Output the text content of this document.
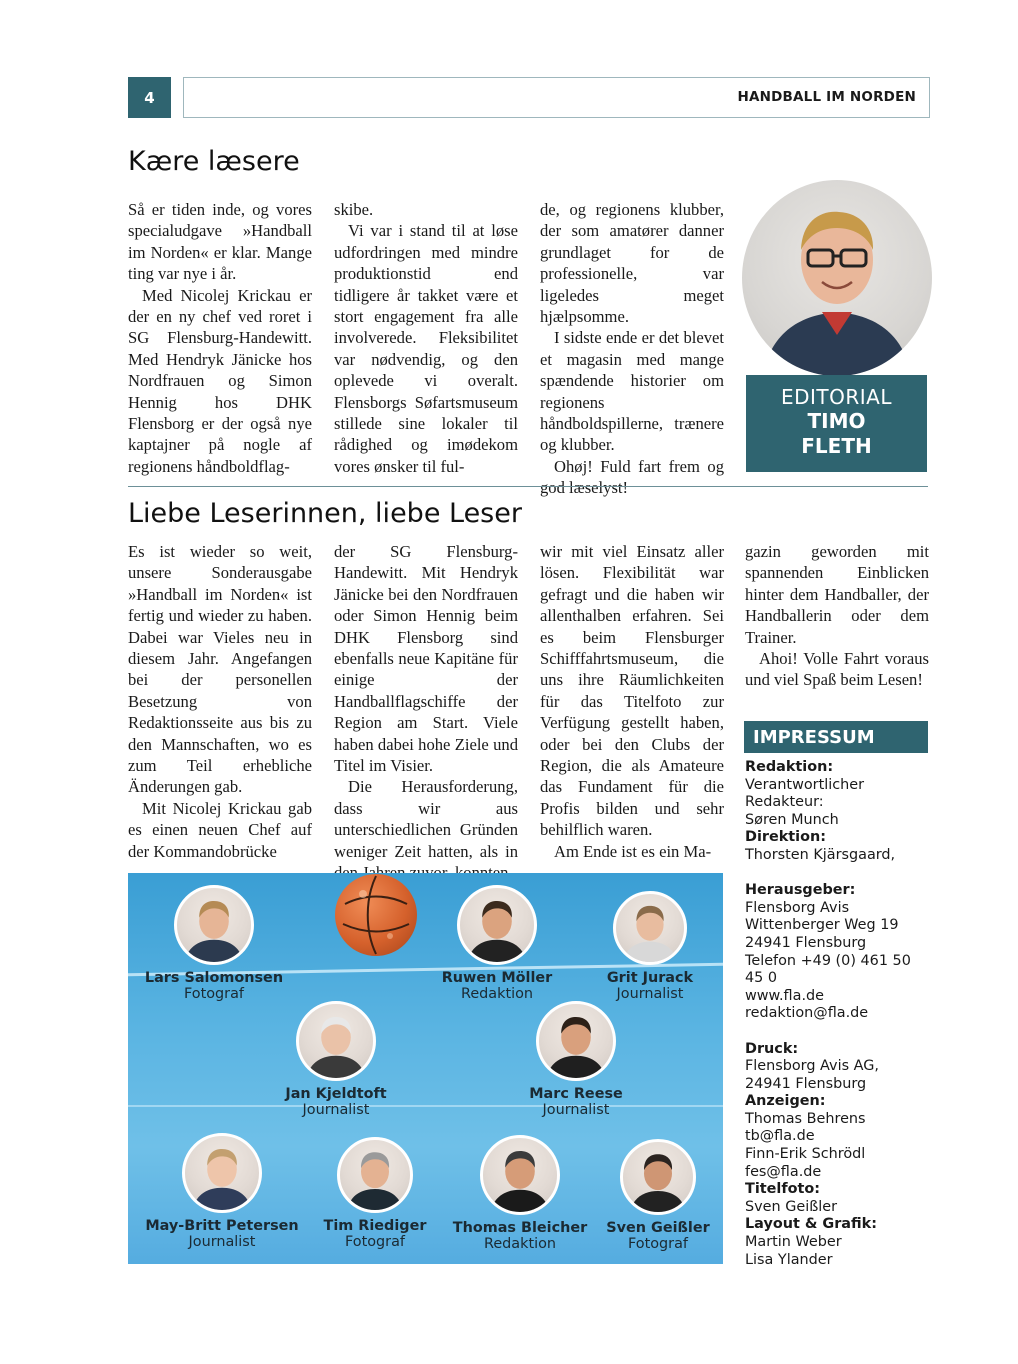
4	HANDBALL IM NORDEN
Kære læsere

Så er tiden inde, og vores specialudgave »Handball im Norden« er klar. Mange ting var nye i år.

Med Nicolej Krickau er der en ny chef ved roret i SG Flensburg-Handewitt. Med Hendryk Jänicke hos Nordfrauen og Simon Hennig hos DHK Flensborg er der også nye kaptajner på nogle af regionens håndboldflag-

skibe.

Vi var i stand til at løse udfordringen med mindre produktionstid end tidligere år takket være et stort engagement fra alle involverede. Fleksibilitet var nødvendig, og den oplevede vi overalt. Flensborgs Søfartsmuseum stillede sine lokaler til rådighed og imødekom vores ønsker til ful-

de, og regionens klubber, der som amatører danner grundlaget for de professionelle, var ligeledes meget hjælpsomme.

I sidste ende er det blevet et magasin med mange spændende historier om regionens håndboldspillerne, trænere og klubber.

Ohøj! Fuld fart frem og god læselyst!

EDITORIAL
TIMO
FLETH
Liebe Leserinnen, liebe Leser

Es ist wieder so weit, unsere Sonderausgabe »Handball im Norden« ist fertig und wieder zu haben. Dabei war Vieles neu in diesem Jahr. Angefangen bei der personellen Besetzung von Redaktionsseite aus bis zu den Mannschaften, wo es zum Teil erhebliche Änderungen gab.

Mit Nicolej Krickau gab es einen neuen Chef auf der Kommandobrücke

der SG Flensburg-Handewitt. Mit Hendryk Jänicke bei den Nordfrauen oder Simon Hennig beim DHK Flensborg sind ebenfalls neue Kapitäne für einige der Handballflagschiffe der Region am Start. Viele haben dabei hohe Ziele und Titel im Visier.

Die Herausforderung, dass wir aus unterschiedlichen Gründen weniger Zeit hatten, als in

wir mit viel Einsatz aller lösen. Flexibilität war gefragt und die haben wir allenthalben erfahren. Sei es beim Flensburger Schifffahrtsmuseum, die uns ihre Räumlichkeiten für das Titelfoto zur Verfügung gestellt haben, oder bei den Clubs der Region, die als Amateure das Fundament für die Profis bilden und sehr behilflich waren.

Am Ende ist es ein Ma-

gazin geworden mit spannenden Einblicken hinter dem Handballer, der Handballerin oder dem Trainer.

Ahoi! Volle Fahrt voraus und viel Spaß beim Lesen!

IMPRESSUM
Redaktion:
Verantwortlicher
Redakteur:
Søren Munch
Direktion:
Thorsten Kjärsgaard,
Herausgeber:
Flensborg Avis
Wittenberger Weg 19
24941 Flensburg
Telefon +49 (0) 461 50
45 0
www.fla.de
redaktion@fla.de
Druck:
Flensborg Avis AG,
24941 Flensburg
Anzeigen:
Thomas Behrens
tb@fla.de
Finn-Erik Schrödl
fes@fla.de
Titelfoto:
Sven Geißler
Layout & Grafik:
Martin Weber
Lisa Ylander
Lars Salomonsen
Fotograf
Ruwen Möller
Redaktion
Grit Jurack
Journalist
Jan Kjeldtoft
Journalist
Marc Reese
Journalist
May-Britt Petersen
Journalist
Tim Riediger
Fotograf
Thomas Bleicher
Redaktion
Sven Geißler
Fotograf
